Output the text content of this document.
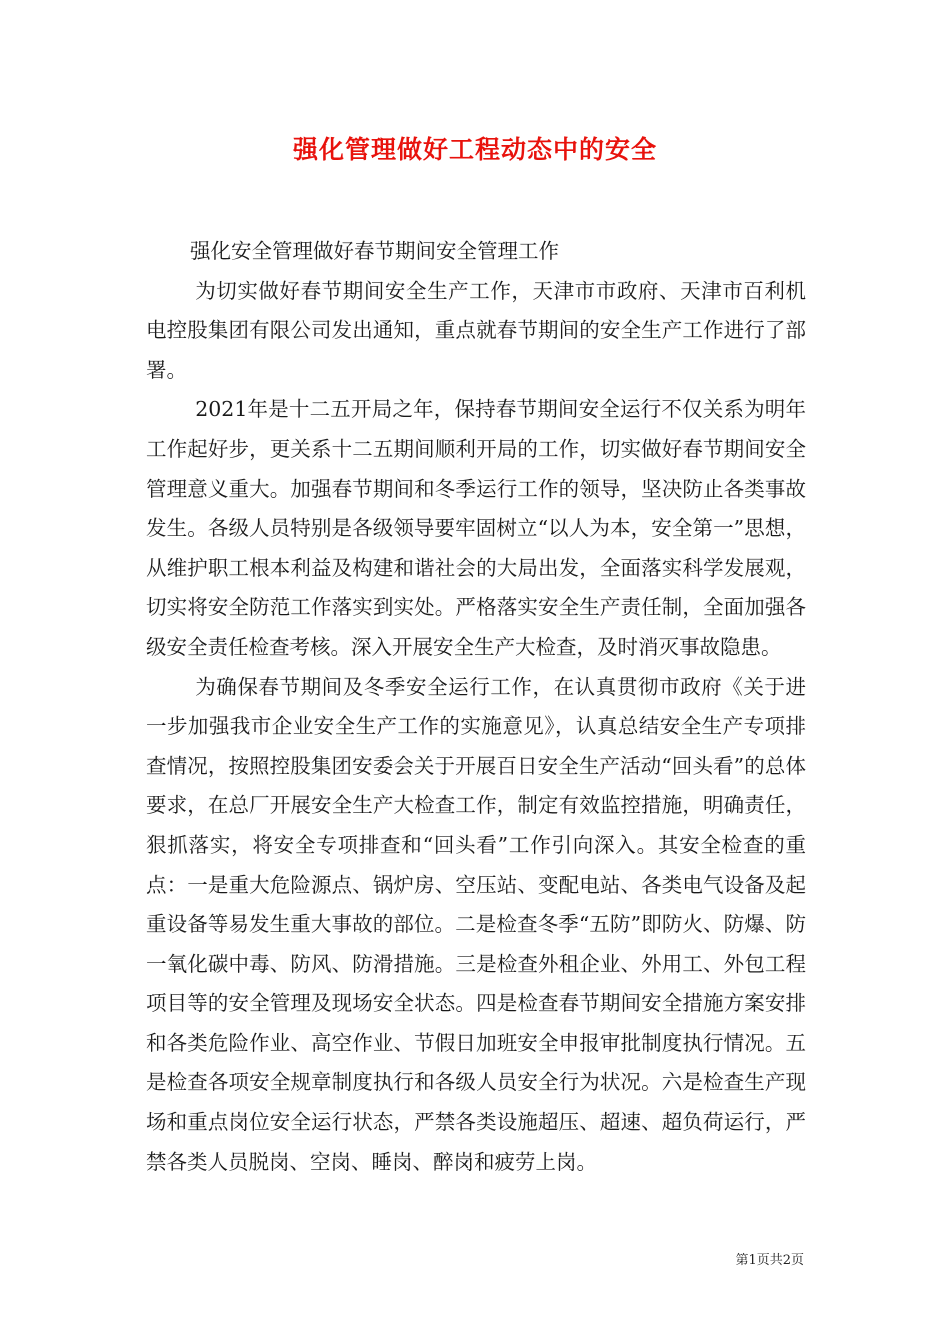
强化管理做好工程动态中的安全

强化安全管理做好春节期间安全管理工作

为切实做好春节期间安全生产工作，天津市市政府、天津市百利机电控股集团有限公司发出通知，重点就春节期间的安全生产工作进行了部署。

2021年是十二五开局之年，保持春节期间安全运行不仅关系为明年工作起好步，更关系十二五期间顺利开局的工作，切实做好春节期间安全管理意义重大。加强春节期间和冬季运行工作的领导，坚决防止各类事故发生。各级人员特别是各级领导要牢固树立“以人为本，安全第一”思想，从维护职工根本利益及构建和谐社会的大局出发，全面落实科学发展观，切实将安全防范工作落实到实处。严格落实安全生产责任制，全面加强各级安全责任检查考核。深入开展安全生产大检查，及时消灭事故隐患。

为确保春节期间及冬季安全运行工作，在认真贯彻市政府《关于进一步加强我市企业安全生产工作的实施意见》，认真总结安全生产专项排查情况，按照控股集团安委会关于开展百日安全生产活动“回头看”的总体要求，在总厂开展安全生产大检查工作，制定有效监控措施，明确责任，狠抓落实，将安全专项排查和“回头看”工作引向深入。其安全检查的重点：一是重大危险源点、锅炉房、空压站、变配电站、各类电气设备及起重设备等易发生重大事故的部位。二是检查冬季“五防”即防火、防爆、防一氧化碳中毒、防风、防滑措施。三是检查外租企业、外用工、外包工程项目等的安全管理及现场安全状态。四是检查春节期间安全措施方案安排和各类危险作业、高空作业、节假日加班安全申报审批制度执行情况。五是检查各项安全规章制度执行和各级人员安全行为状况。六是检查生产现场和重点岗位安全运行状态，严禁各类设施超压、超速、超负荷运行，严禁各类人员脱岗、空岗、睡岗、醉岗和疲劳上岗。

第1页共2页
